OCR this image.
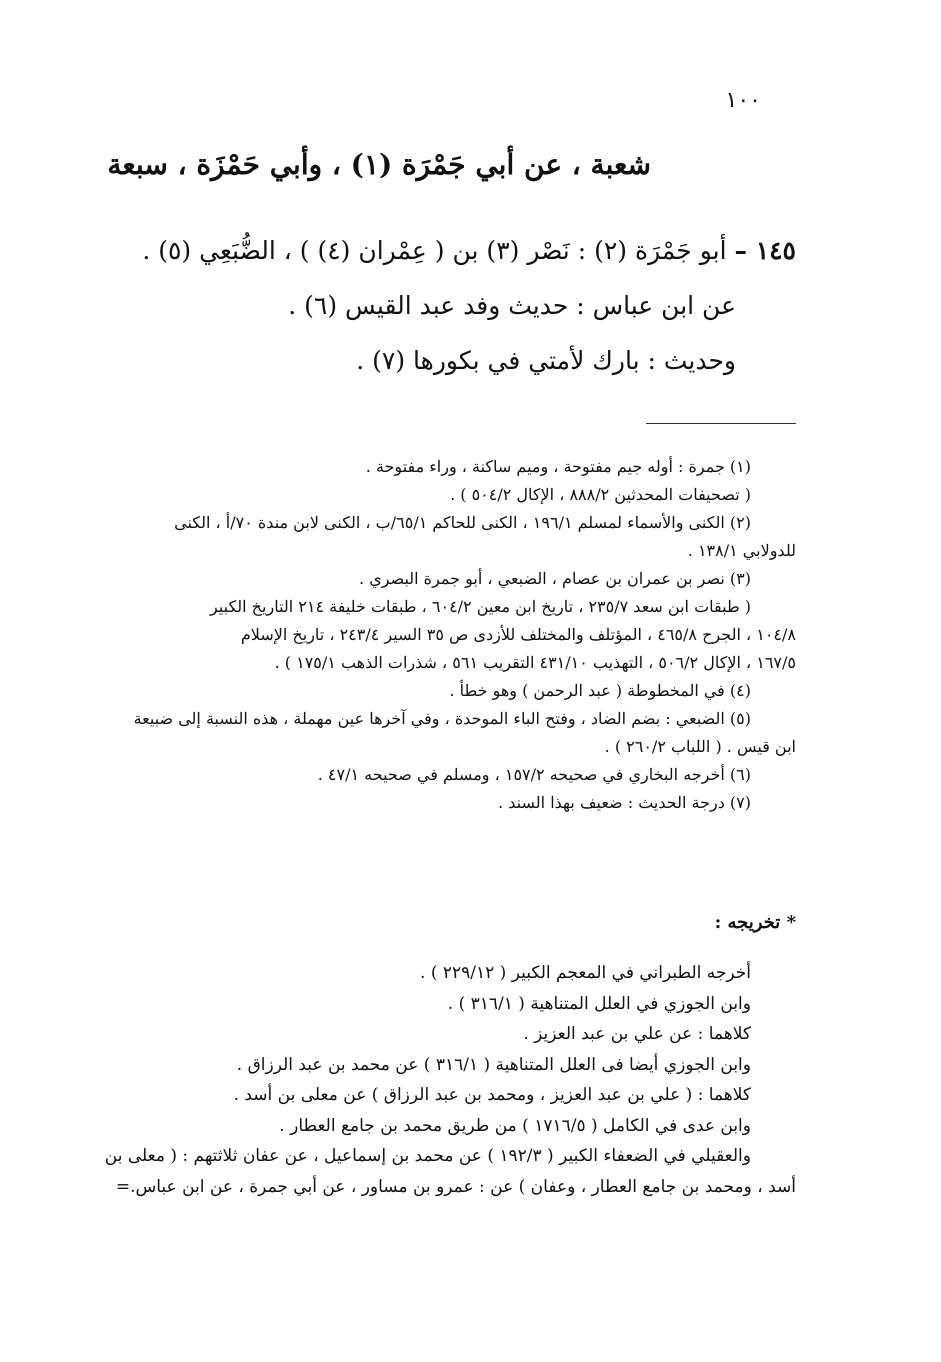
١٠٠
شعبة ، عن أبي جَمْرَة (١) ، وأبي حَمْزَة ، سبعة
١٤٥ – أبو جَمْرَة (٢) : نَصْر (٣) بن ( عِمْران (٤) ) ، الضُّبَعِي (٥) .
عن ابن عباس : حديث وفد عبد القيس (٦) .
وحديث : بارك لأمتي في بكورها (٧) .
(١) جمرة : أوله جيم مفتوحة ، وميم ساكنة ، وراء مفتوحة .
( تصحيفات المحدثين ٨٨٨/٢ ، الإكال ٥٠٤/٢ ) .
(٢) الكنى والأسماء لمسلم ١٩٦/١ ، الكنى للحاكم ٦٥/١/ب ، الكنى لابن مندة ٧٠/أ ، الكنى
للدولابي ١٣٨/١ .
(٣) نصر بن عمران بن عصام ، الضبعي ، أبو جمرة البصري .
( طبقات ابن سعد ٢٣٥/٧ ، تاريخ ابن معين ٦٠٤/٢ ، طبقات خليفة ٢١٤ التاريخ الكبير
١٠٤/٨ ، الجرح ٤٦٥/٨ ، المؤتلف والمختلف للأزدى ص ٣٥ السير ٢٤٣/٤ ، تاريخ الإسلام
١٦٧/٥ ، الإكال ٥٠٦/٢ ، التهذيب ٤٣١/١٠ التقريب ٥٦١ ، شذرات الذهب ١٧٥/١ ) .
(٤) في المخطوطة ( عبد الرحمن ) وهو خطأ .
(٥) الضبعي : بضم الضاد ، وفتح الباء الموحدة ، وفي آخرها عين مهملة ، هذه النسبة إلى ضبيعة
ابن قيس . ( اللباب ٢٦٠/٢ ) .
(٦) أخرجه البخاري في صحيحه ١٥٧/٢ ، ومسلم في صحيحه ٤٧/١ .
(٧) درجة الحديث : ضعيف بهذا السند .
* تخريجه :
أخرجه الطبراني في المعجم الكبير ( ٢٢٩/١٢ ) .
وابن الجوزي في العلل المتناهية ( ٣١٦/١ ) .
كلاهما : عن علي بن عبد العزيز .
وابن الجوزي أيضا فى العلل المتناهية ( ٣١٦/١ ) عن محمد بن عبد الرزاق .
كلاهما : ( علي بن عبد العزيز ، ومحمد بن عبد الرزاق ) عن معلى بن أسد .
وابن عدى في الكامل ( ١٧١٦/٥ ) من طريق محمد بن جامع العطار .
والعقيلي في الضعفاء الكبير ( ١٩٢/٣ ) عن محمد بن إسماعيل ، عن عفان ثلاثتهم : ( معلى بن
أسد ، ومحمد بن جامع العطار ، وعفان ) عن : عمرو بن مساور ، عن أبي جمرة ، عن ابن عباس.=
